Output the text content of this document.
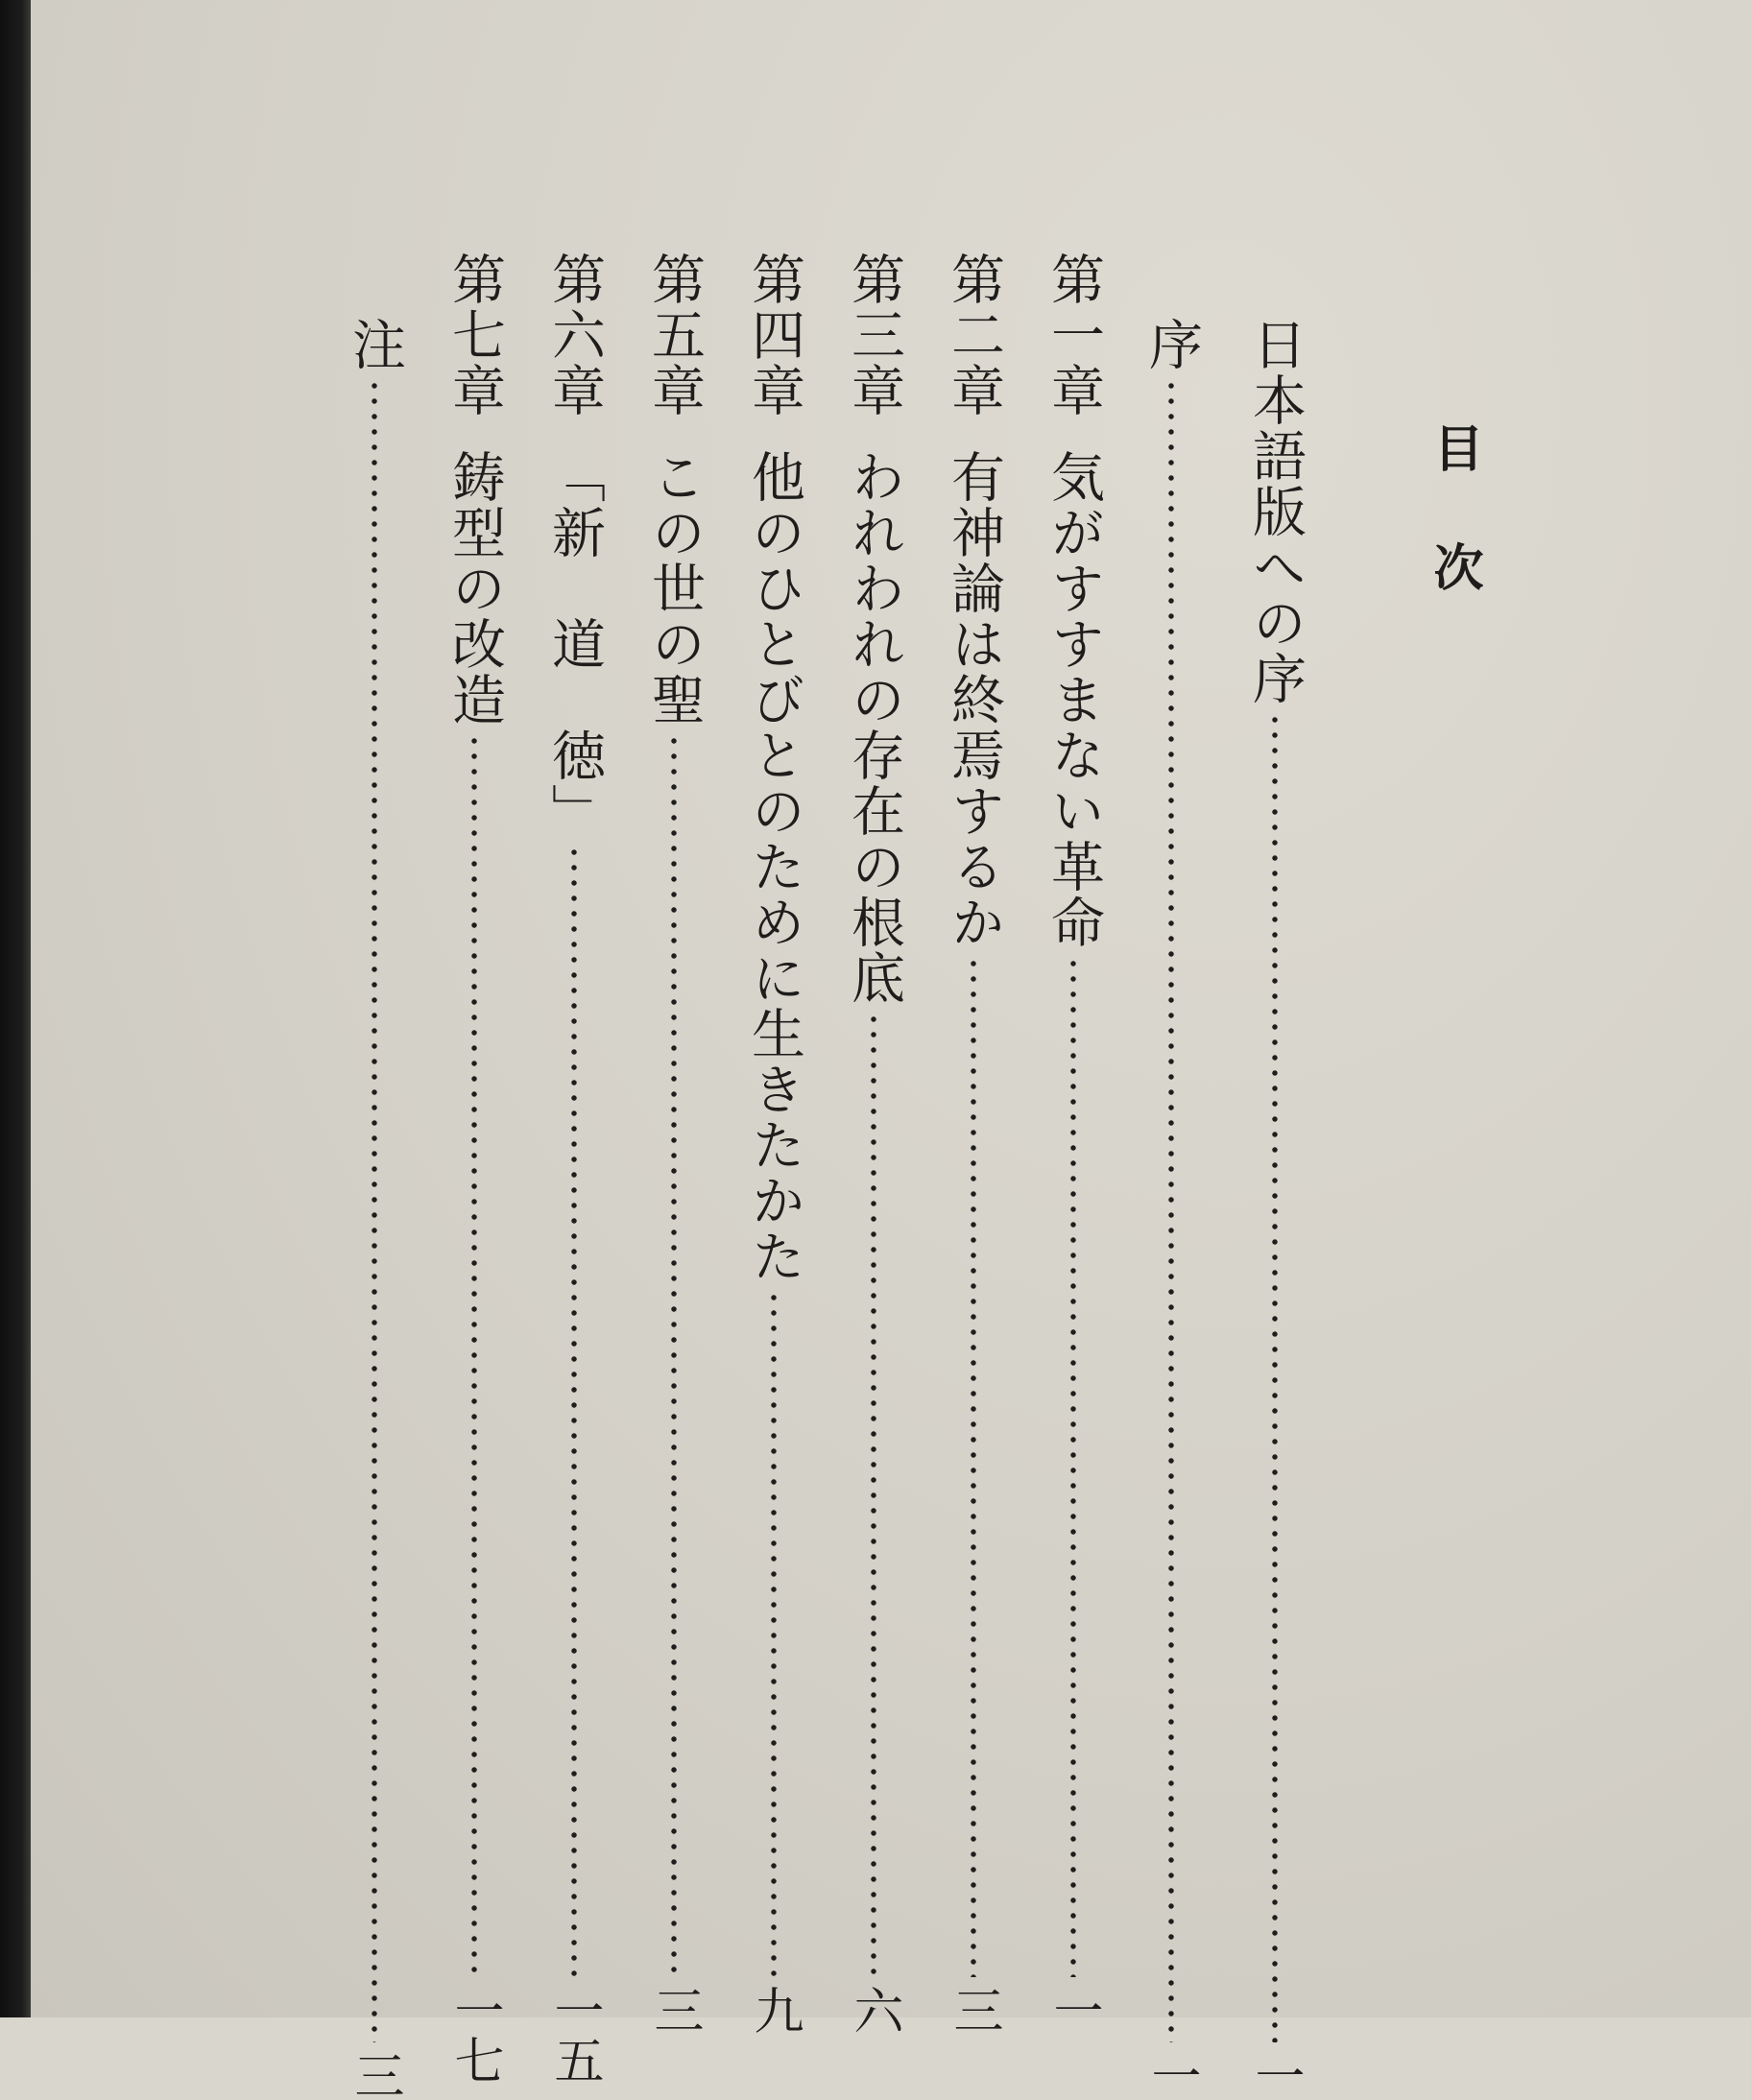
目次
日本語版への序
一
序
一
第一章
気がすすまない革命
一
第二章
有神論は終焉するか
三
第三章
われわれの存在の根底
六
第四章
他のひとびとのために生きたかた
九
第五章
この世の聖
三
第六章
「新　道　徳」
一五
第七章
鋳型の改造
一七
注
三
